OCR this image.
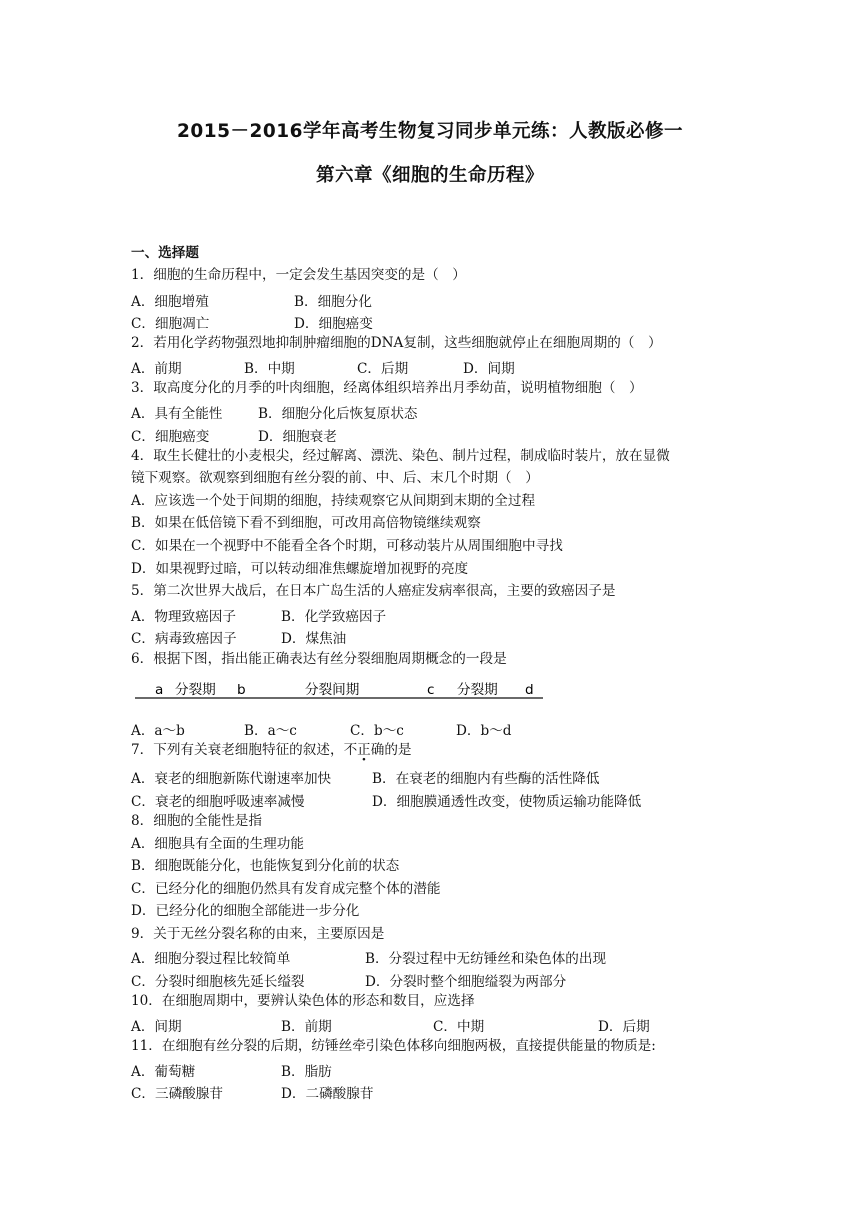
2015－2016学年高考生物复习同步单元练：人教版必修一
第六章《细胞的生命历程》
一、选择题
1．细胞的生命历程中，一定会发生基因突变的是（　）
A．细胞增殖	B．细胞分化
C．细胞凋亡	D．细胞癌变
2．若用化学药物强烈地抑制肿瘤细胞的DNA复制，这些细胞就停止在细胞周期的（　）
A．前期	B．中期	C．后期	D．间期
3．取高度分化的月季的叶肉细胞，经离体组织培养出月季幼苗，说明植物细胞（　）
A．具有全能性	B．细胞分化后恢复原状态
C．细胞癌变	D．细胞衰老
4．取生长健壮的小麦根尖，经过解离、漂洗、染色、制片过程，制成临时装片，放在显微
镜下观察。欲观察到细胞有丝分裂的前、中、后、末几个时期（　）
A．应该选一个处于间期的细胞，持续观察它从间期到末期的全过程
B．如果在低倍镜下看不到细胞，可改用高倍物镜继续观察
C．如果在一个视野中不能看全各个时期，可移动装片从周围细胞中寻找
D．如果视野过暗，可以转动细准焦螺旋增加视野的亮度
5．第二次世界大战后，在日本广岛生活的人癌症发病率很高，主要的致癌因子是
A．物理致癌因子	B．化学致癌因子
C．病毒致癌因子	D．煤焦油
6．根据下图，指出能正确表达有丝分裂细胞周期概念的一段是
a 分裂期 b	分裂间期	c 分裂期 d
A．a～b	B．a～c	C．b～c	D．b～d
7．下列有关衰老细胞特征的叙述，不正确的是
A．衰老的细胞新陈代谢速率加快	B．在衰老的细胞内有些酶的活性降低
C．衰老的细胞呼吸速率减慢	D．细胞膜通透性改变，使物质运输功能降低
8．细胞的全能性是指
A．细胞具有全面的生理功能
B．细胞既能分化，也能恢复到分化前的状态
C．已经分化的细胞仍然具有发育成完整个体的潜能
D．已经分化的细胞全部能进一步分化
9．关于无丝分裂名称的由来，主要原因是
A．细胞分裂过程比较简单	B．分裂过程中无纺锤丝和染色体的出现
C．分裂时细胞核先延长缢裂	D．分裂时整个细胞缢裂为两部分
10．在细胞周期中，要辨认染色体的形态和数目，应选择
A．间期	B．前期	C．中期	D．后期
11．在细胞有丝分裂的后期，纺锤丝牵引染色体移向细胞两极，直接提供能量的物质是:
A．葡萄糖	B．脂肪
C．三磷酸腺苷	D．二磷酸腺苷
